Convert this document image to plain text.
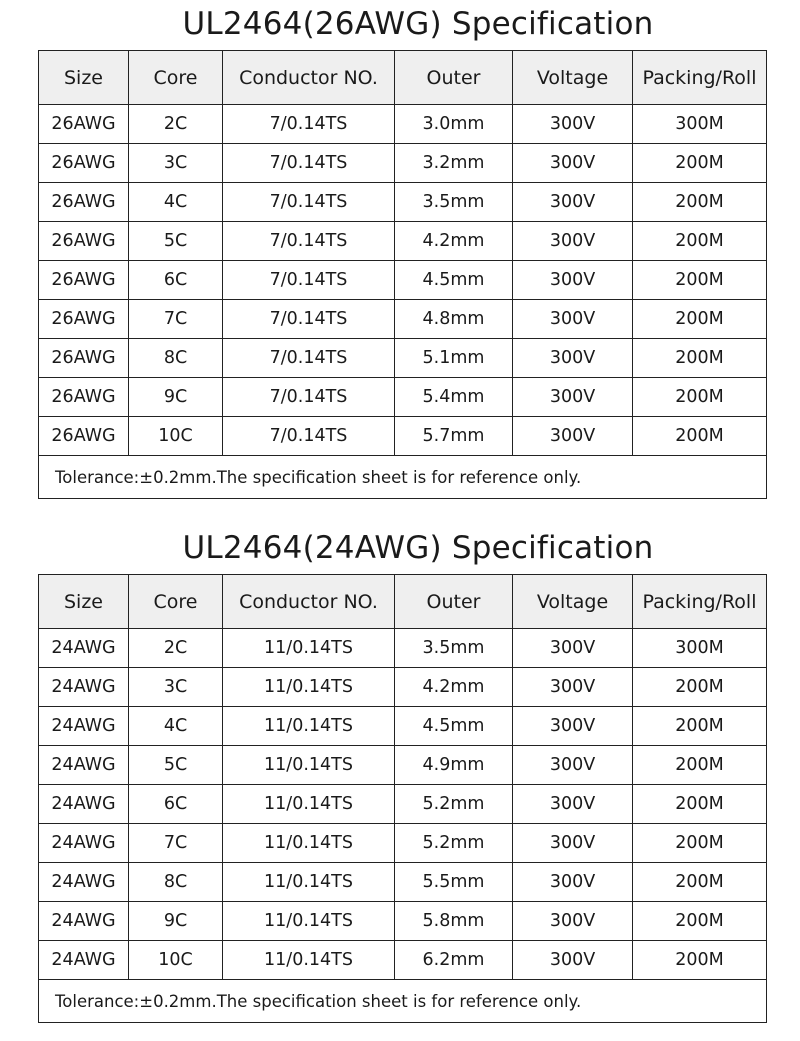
UL2464(26AWG) Specification
Size	Core	Conductor NO.	Outer	Voltage	Packing/Roll
26AWG	2C	7/0.14TS	3.0mm	300V	300M
26AWG	3C	7/0.14TS	3.2mm	300V	200M
26AWG	4C	7/0.14TS	3.5mm	300V	200M
26AWG	5C	7/0.14TS	4.2mm	300V	200M
26AWG	6C	7/0.14TS	4.5mm	300V	200M
26AWG	7C	7/0.14TS	4.8mm	300V	200M
26AWG	8C	7/0.14TS	5.1mm	300V	200M
26AWG	9C	7/0.14TS	5.4mm	300V	200M
26AWG	10C	7/0.14TS	5.7mm	300V	200M
Tolerance:±0.2mm.The specification sheet is for reference only.					
UL2464(24AWG) Specification
Size	Core	Conductor NO.	Outer	Voltage	Packing/Roll
24AWG	2C	11/0.14TS	3.5mm	300V	300M
24AWG	3C	11/0.14TS	4.2mm	300V	200M
24AWG	4C	11/0.14TS	4.5mm	300V	200M
24AWG	5C	11/0.14TS	4.9mm	300V	200M
24AWG	6C	11/0.14TS	5.2mm	300V	200M
24AWG	7C	11/0.14TS	5.2mm	300V	200M
24AWG	8C	11/0.14TS	5.5mm	300V	200M
24AWG	9C	11/0.14TS	5.8mm	300V	200M
24AWG	10C	11/0.14TS	6.2mm	300V	200M
Tolerance:±0.2mm.The specification sheet is for reference only.					
